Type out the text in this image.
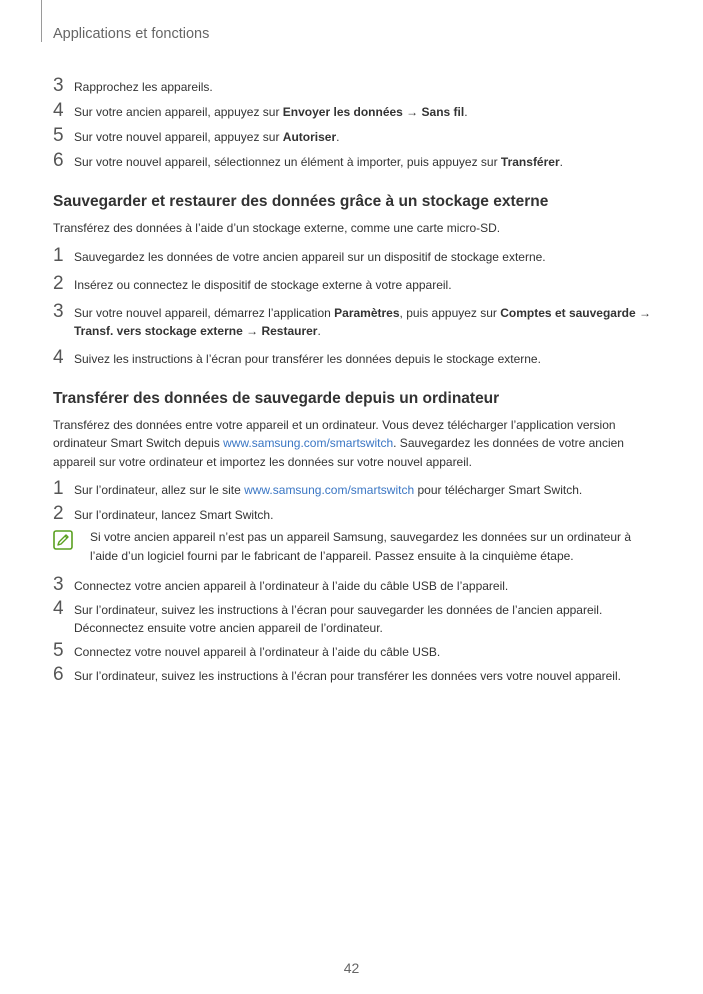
Applications et fonctions
3 Rapprochez les appareils.
4 Sur votre ancien appareil, appuyez sur Envoyer les données → Sans fil.
5 Sur votre nouvel appareil, appuyez sur Autoriser.
6 Sur votre nouvel appareil, sélectionnez un élément à importer, puis appuyez sur Transférer.
Sauvegarder et restaurer des données grâce à un stockage externe
Transférez des données à l’aide d’un stockage externe, comme une carte micro-SD.
1 Sauvegardez les données de votre ancien appareil sur un dispositif de stockage externe.
2 Insérez ou connectez le dispositif de stockage externe à votre appareil.
3 Sur votre nouvel appareil, démarrez l’application Paramètres, puis appuyez sur Comptes et sauvegarde → Transf. vers stockage externe → Restaurer.
4 Suivez les instructions à l’écran pour transférer les données depuis le stockage externe.
Transférer des données de sauvegarde depuis un ordinateur
Transférez des données entre votre appareil et un ordinateur. Vous devez télécharger l’application version ordinateur Smart Switch depuis www.samsung.com/smartswitch. Sauvegardez les données de votre ancien appareil sur votre ordinateur et importez les données sur votre nouvel appareil.
1 Sur l’ordinateur, allez sur le site www.samsung.com/smartswitch pour télécharger Smart Switch.
2 Sur l’ordinateur, lancez Smart Switch.
Si votre ancien appareil n’est pas un appareil Samsung, sauvegardez les données sur un ordinateur à l’aide d’un logiciel fourni par le fabricant de l’appareil. Passez ensuite à la cinquième étape.
3 Connectez votre ancien appareil à l’ordinateur à l’aide du câble USB de l’appareil.
4 Sur l’ordinateur, suivez les instructions à l’écran pour sauvegarder les données de l’ancien appareil. Déconnectez ensuite votre ancien appareil de l’ordinateur.
5 Connectez votre nouvel appareil à l’ordinateur à l’aide du câble USB.
6 Sur l’ordinateur, suivez les instructions à l’écran pour transférer les données vers votre nouvel appareil.
42
